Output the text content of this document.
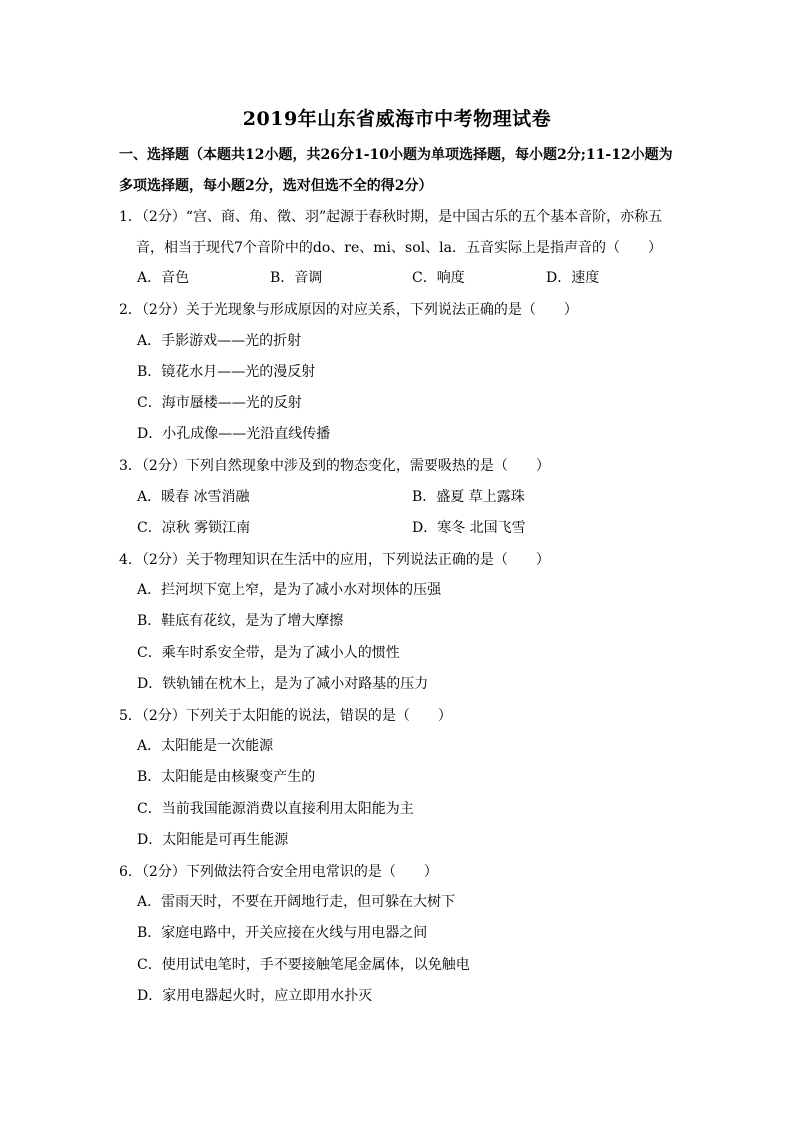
2019年山东省威海市中考物理试卷
一、选择题（本题共12小题，共26分1-10小题为单项选择题，每小题2分;11-12小题为
多项选择题，每小题2分，选对但选不全的得2分）
1．（2分）“宫、商、角、徵、羽”起源于春秋时期，是中国古乐的五个基本音阶，亦称五
音，相当于现代7个音阶中的do、re、mi、sol、la．五音实际上是指声音的（　　）
A．音色	B．音调	C．响度	D．速度
2．（2分）关于光现象与形成原因的对应关系，下列说法正确的是（　　）
A．手影游戏——光的折射
B．镜花水月——光的漫反射
C．海市蜃楼——光的反射
D．小孔成像——光沿直线传播
3．（2分）下列自然现象中涉及到的物态变化，需要吸热的是（　　）
A．暖春 冰雪消融	B．盛夏 草上露珠
C．凉秋 雾锁江南	D．寒冬 北国飞雪
4．（2分）关于物理知识在生活中的应用，下列说法正确的是（　　）
A．拦河坝下宽上窄，是为了减小水对坝体的压强
B．鞋底有花纹，是为了增大摩擦
C．乘车时系安全带，是为了减小人的惯性
D．铁轨铺在枕木上，是为了减小对路基的压力
5．（2分）下列关于太阳能的说法，错误的是（　　）
A．太阳能是一次能源
B．太阳能是由核聚变产生的
C．当前我国能源消费以直接利用太阳能为主
D．太阳能是可再生能源
6．（2分）下列做法符合安全用电常识的是（　　）
A．雷雨天时，不要在开阔地行走，但可躲在大树下
B．家庭电路中，开关应接在火线与用电器之间
C．使用试电笔时，手不要接触笔尾金属体，以免触电
D．家用电器起火时，应立即用水扑灭
